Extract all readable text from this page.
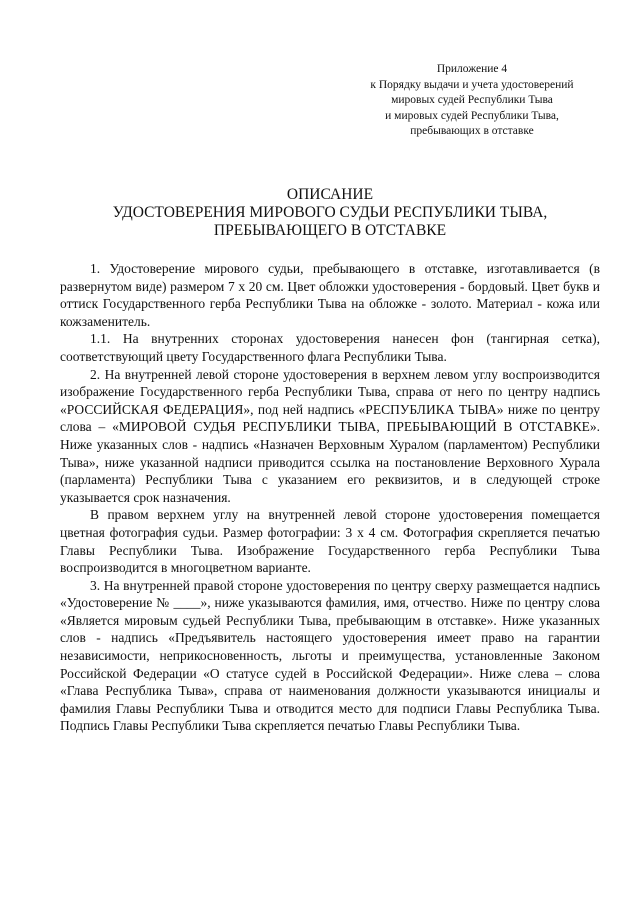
Приложение 4
к Порядку выдачи и учета удостоверений
мировых судей Республики Тыва
и мировых судей Республики Тыва,
пребывающих в отставке
ОПИСАНИЕ
УДОСТОВЕРЕНИЯ МИРОВОГО СУДЬИ РЕСПУБЛИКИ ТЫВА,
ПРЕБЫВАЮЩЕГО В ОТСТАВКЕ

1. Удостоверение мирового судьи, пребывающего в отставке, изготавливается (в развернутом виде) размером 7 х 20 см. Цвет обложки удостоверения - бордовый. Цвет букв и оттиск Государственного герба Республики Тыва на обложке - золото. Материал - кожа или кожзаменитель.

1.1. На внутренних сторонах удостоверения нанесен фон (тангирная сетка), соответствующий цвету Государственного флага Республики Тыва.

2. На внутренней левой стороне удостоверения в верхнем левом углу воспроизводится изображение Государственного герба Республики Тыва, справа от него по центру надпись «РОССИЙСКАЯ ФЕДЕРАЦИЯ», под ней надпись «РЕСПУБЛИКА ТЫВА» ниже по центру слова – «МИРОВОЙ СУДЬЯ РЕСПУБЛИКИ ТЫВА, ПРЕБЫВАЮЩИЙ В ОТСТАВКЕ». Ниже указанных слов - надпись «Назначен Верховным Хуралом (парламентом) Республики Тыва», ниже указанной надписи приводится ссылка на постановление Верховного Хурала (парламента) Республики Тыва с указанием его реквизитов, и в следующей строке указывается срок назначения.

В правом верхнем углу на внутренней левой стороне удостоверения помещается цветная фотография судьи. Размер фотографии: 3 х 4 см. Фотография скрепляется печатью Главы Республики Тыва. Изображение Государственного герба Республики Тыва воспроизводится в многоцветном варианте.

3. На внутренней правой стороне удостоверения по центру сверху размещается надпись «Удостоверение № ____», ниже указываются фамилия, имя, отчество. Ниже по центру слова «Является мировым судьей Республики Тыва, пребывающим в отставке». Ниже указанных слов - надпись «Предъявитель настоящего удостоверения имеет право на гарантии независимости, неприкосновенность, льготы и преимущества, установленные Законом Российской Федерации «О статусе судей в Российской Федерации». Ниже слева – слова «Глава Республика Тыва», справа от наименования должности указываются инициалы и фамилия Главы Республики Тыва и отводится место для подписи Главы Республика Тыва. Подпись Главы Республики Тыва скрепляется печатью Главы Республики Тыва.
